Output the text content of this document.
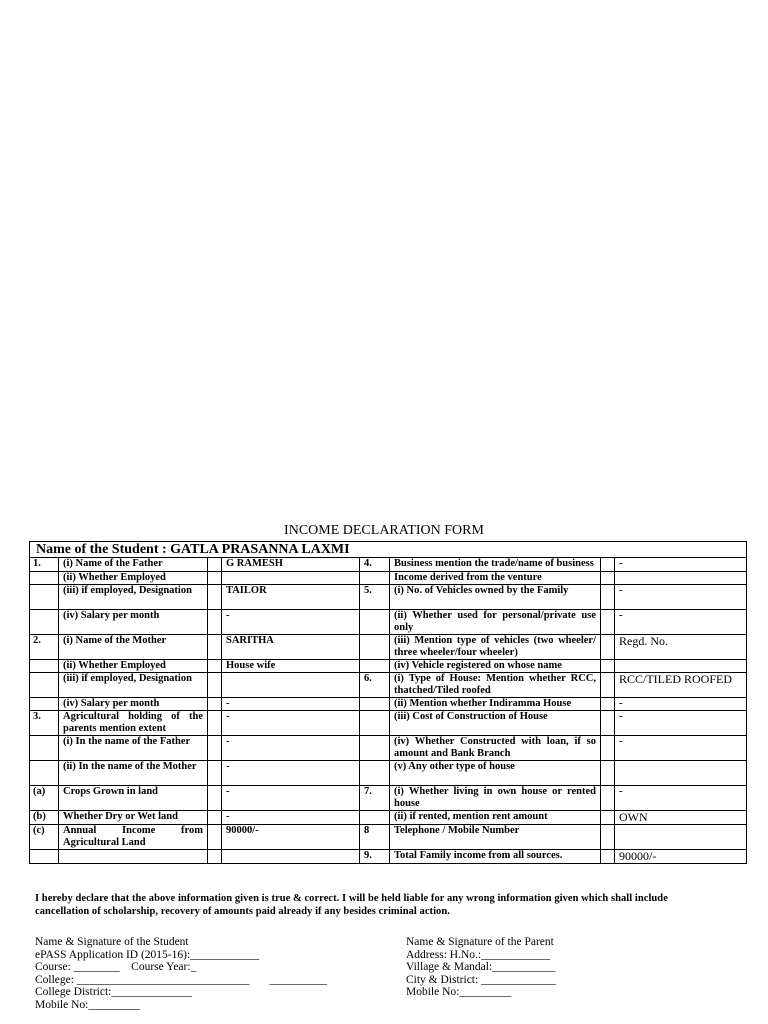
INCOME DECLARATION FORM
Name of the Student : GATLA PRASANNA LAXMI							
1.	(i) Name of the Father		G RAMESH	4.	Business mention the trade/name of business		-
	(ii) Whether Employed				Income derived from the venture		
	(iii) if employed, Designation		TAILOR	5.	(i) No. of Vehicles owned by the Family		-
	(iv) Salary per month		-		(ii) Whether used for personal/private use only		-
2.	(i) Name of the Mother		SARITHA		(iii) Mention type of vehicles (two wheeler/ three wheeler/four wheeler)		Regd. No.
	(ii) Whether Employed		House wife		(iv) Vehicle registered on whose name		
	(iii) if employed, Designation			6.	(i) Type of House: Mention whether RCC, thatched/Tiled roofed		RCC/TILED ROOFED
	(iv) Salary per month		-		(ii) Mention whether Indiramma House		-
3.	Agricultural holding of the parents mention extent		-		(iii) Cost of Construction of House		-
	(i) In the name of the Father		-		(iv) Whether Constructed with loan, if so amount and Bank Branch		-
	(ii) In the name of the Mother		-		(v) Any other type of house		
(a)	Crops Grown in land		-	7.	(i) Whether living in own house or rented house		-
(b)	Whether Dry or Wet land		-		(ii) if rented, mention rent amount		OWN
(c)	Annual Income from Agricultural Land		90000/-	8	Telephone / Mobile Number		
				9.	Total Family income from all sources.		90000/-
I hereby declare that the above information given is true & correct. I will be held liable for any wrong information given which shall include cancellation of scholarship, recovery of amounts paid already if any besides criminal action.
Name & Signature of the Student
ePASS Application ID (2015-16):____________
Course: ________    Course Year:_
College: ______________________________       __________
College District:______________
Mobile No:_________
Name & Signature of the Parent
Address: H.No.:____________
Village & Mandal:___________
City & District: _____________
Mobile No:_________
